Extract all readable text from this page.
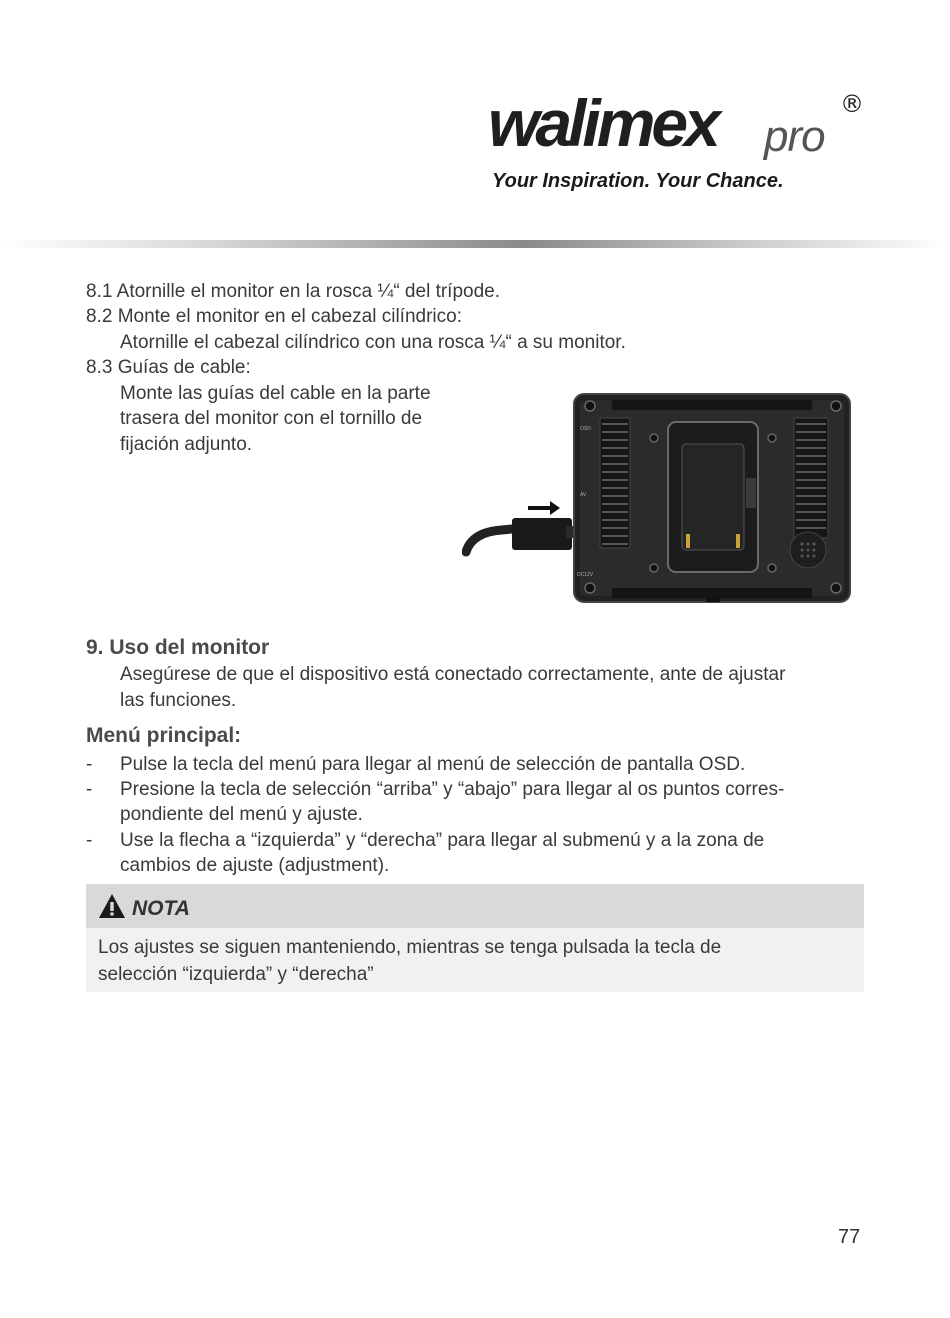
walimex pro
®
Your Inspiration. Your Chance.
8.1 Atornille el monitor en la rosca ¼“ del trípode.
8.2 Monte el monitor en el cabezal cilíndrico:
Atornille el cabezal cilíndrico con una rosca ¼“ a su monitor.
8.3 Guías de cable:
Monte las guías del cable en la parte
trasera del monitor con el tornillo de
fijación adjunto.
OSD
AV
DC12V
9. Uso del monitor
Asegúrese de que el dispositivo está conectado correctamente, ante de ajustar
las funciones.
Menú principal:
- Pulse la tecla del menú para llegar al menú de selección de pantalla OSD.
- Presione la tecla de selección “arriba” y “abajo” para llegar al os puntos corres-
pondiente del menú y ajuste.
- Use la flecha a “izquierda” y “derecha” para llegar al submenú y a la zona de
cambios de ajuste (adjustment).
NOTA
Los ajustes se siguen manteniendo, mientras se tenga pulsada la tecla de
selección “izquierda” y “derecha”
77
